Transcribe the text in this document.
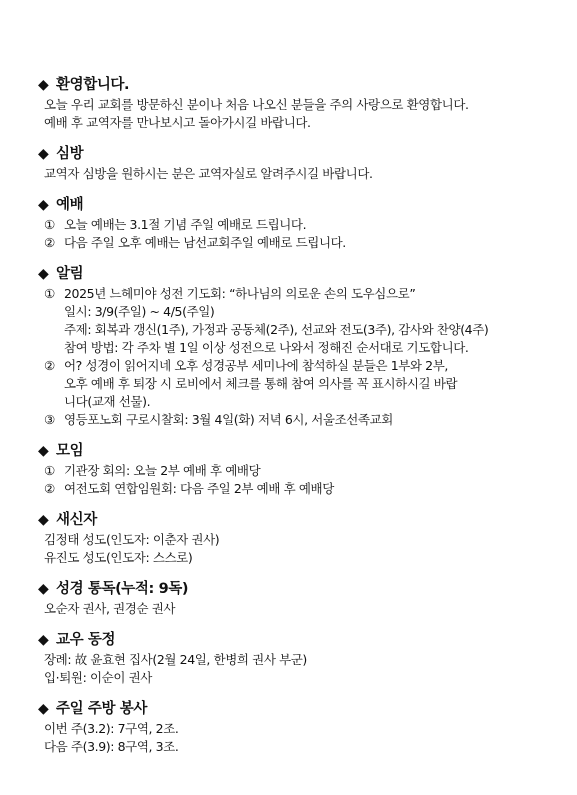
◆ 환영합니다.
오늘 우리 교회를 방문하신 분이나 처음 나오신 분들을 주의 사랑으로 환영합니다.
예배 후 교역자를 만나보시고 돌아가시길 바랍니다.
◆ 심방
교역자 심방을 원하시는 분은 교역자실로 알려주시길 바랍니다.
◆ 예배
① 오늘 예배는 3.1절 기념 주일 예배로 드립니다.
② 다음 주일 오후 예배는 남선교회주일 예배로 드립니다.
◆ 알림
① 2025년 느헤미야 성전 기도회: “하나님의 의로운 손의 도우심으로”
일시: 3/9(주일) ~ 4/5(주일)
주제: 회복과 갱신(1주), 가정과 공동체(2주), 선교와 전도(3주), 감사와 찬양(4주)
참여 방법: 각 주차 별 1일 이상 성전으로 나와서 정해진 순서대로 기도합니다.
② 어? 성경이 읽어지네 오후 성경공부 세미나에 참석하실 분들은 1부와 2부, 오후 예배 후 퇴장 시 로비에서 체크를 통해 참여 의사를 꼭 표시하시길 바랍니다(교재 선물).
③ 영등포노회 구로시찰회: 3월 4일(화) 저녁 6시, 서울조선족교회
◆ 모임
① 기관장 회의: 오늘 2부 예배 후 예배당
② 여전도회 연합임원회: 다음 주일 2부 예배 후 예배당
◆ 새신자
김정태 성도(인도자: 이춘자 권사)
유진도 성도(인도자: 스스로)
◆ 성경 통독(누적: 9독)
오순자 권사, 권경순 권사
◆ 교우 동정
장례: 故 윤효현 집사(2월 24일, 한병희 권사 부군)
입·퇴원: 이순이 권사
◆ 주일 주방 봉사
이번 주(3.2): 7구역, 2조.
다음 주(3.9): 8구역, 3조.
